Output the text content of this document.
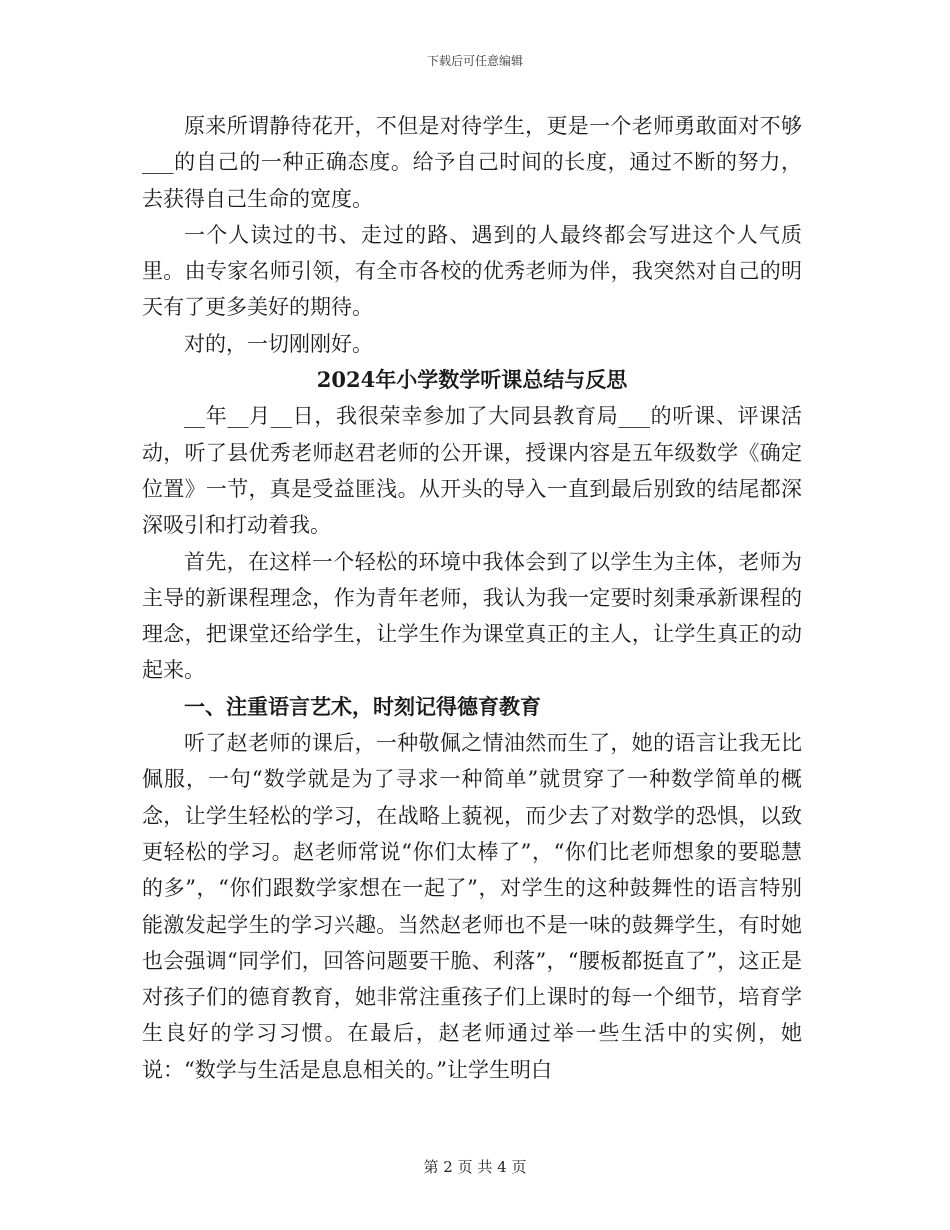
下载后可任意编辑

原来所谓静待花开，不但是对待学生，更是一个老师勇敢面对不够___的自己的一种正确态度。给予自己时间的长度，通过不断的努力，去获得自己生命的宽度。

一个人读过的书、走过的路、遇到的人最终都会写进这个人气质里。由专家名师引领，有全市各校的优秀老师为伴，我突然对自己的明天有了更多美好的期待。

对的，一切刚刚好。

2024年小学数学听课总结与反思

__年__月__日，我很荣幸参加了大同县教育局___的听课、评课活动，听了县优秀老师赵君老师的公开课，授课内容是五年级数学《确定位置》一节，真是受益匪浅。从开头的导入一直到最后别致的结尾都深深吸引和打动着我。

首先，在这样一个轻松的环境中我体会到了以学生为主体，老师为主导的新课程理念，作为青年老师，我认为我一定要时刻秉承新课程的理念，把课堂还给学生，让学生作为课堂真正的主人，让学生真正的动起来。

一、注重语言艺术，时刻记得德育教育

听了赵老师的课后，一种敬佩之情油然而生了，她的语言让我无比佩服，一句“数学就是为了寻求一种简单”就贯穿了一种数学简单的概念，让学生轻松的学习，在战略上藐视，而少去了对数学的恐惧，以致更轻松的学习。赵老师常说“你们太棒了”，“你们比老师想象的要聪慧的多”，“你们跟数学家想在一起了”，对学生的这种鼓舞性的语言特别能激发起学生的学习兴趣。当然赵老师也不是一味的鼓舞学生，有时她也会强调“同学们，回答问题要干脆、利落”，“腰板都挺直了”，这正是对孩子们的德育教育，她非常注重孩子们上课时的每一个细节，培育学生良好的学习习惯。在最后，赵老师通过举一些生活中的实例，她说：“数学与生活是息息相关的。”让学生明白

第 2 页 共 4 页
